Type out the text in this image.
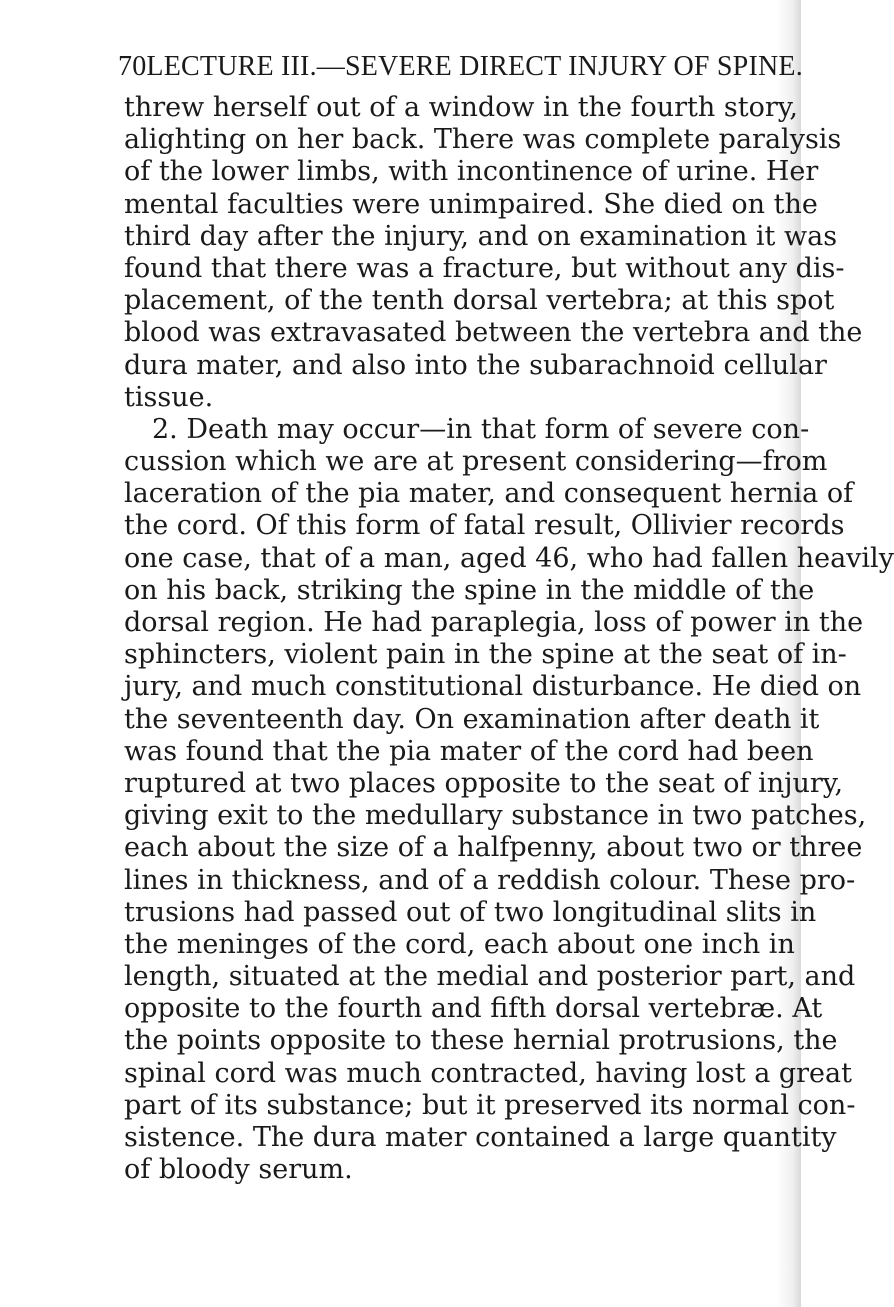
70 LECTURE III.—SEVERE DIRECT INJURY OF SPINE.
threw herself out of a window in the fourth story,
alighting on her back. There was complete paralysis
of the lower limbs, with incontinence of urine. Her
mental faculties were unimpaired. She died on the
third day after the injury, and on examination it was
found that there was a fracture, but without any dis-
placement, of the tenth dorsal vertebra; at this spot
blood was extravasated between the vertebra and the
dura mater, and also into the subarachnoid cellular
tissue.
2. Death may occur—in that form of severe con-
cussion which we are at present considering—from
laceration of the pia mater, and consequent hernia of
the cord. Of this form of fatal result, Ollivier records
one case, that of a man, aged 46, who had fallen heavily
on his back, striking the spine in the middle of the
dorsal region. He had paraplegia, loss of power in the
sphincters, violent pain in the spine at the seat of in-
jury, and much constitutional disturbance. He died on
the seventeenth day. On examination after death it
was found that the pia mater of the cord had been
ruptured at two places opposite to the seat of injury,
giving exit to the medullary substance in two patches,
each about the size of a halfpenny, about two or three
lines in thickness, and of a reddish colour. These pro-
trusions had passed out of two longitudinal slits in
the meninges of the cord, each about one inch in
length, situated at the medial and posterior part, and
opposite to the fourth and fifth dorsal vertebræ. At
the points opposite to these hernial protrusions, the
spinal cord was much contracted, having lost a great
part of its substance; but it preserved its normal con-
sistence. The dura mater contained a large quantity
of bloody serum.
